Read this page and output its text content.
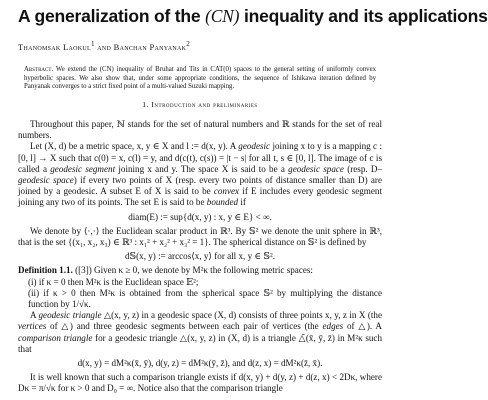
A generalization of the (CN) inequality and its applications
Thanomsak Laokul$^1$ and Banchan Panyanak$^2$
Abstract. We extend the (CN) inequality of Bruhat and Tits in CAT(0) spaces to the general setting of uniformly convex hyperbolic spaces. We also show that, under some appropriate conditions, the sequence of Ishikawa iteration defined by Panyanak converges to a strict fixed point of a multi-valued Suzuki mapping.
1. Introduction and preliminaries

Throughout this paper, ℕ stands for the set of natural numbers and ℝ stands for the set of real numbers.

Let (X, d) be a metric space, x, y ∈ X and l := d(x, y). A geodesic joining x to y is a mapping c : [0, l] → X such that c(0) = x, c(l) = y, and d(c(t), c(s)) = |t − s| for all t, s ∈ [0, l]. The image of c is called a geodesic segment joining x and y. The space X is said to be a geodesic space (resp. D–geodesic space) if every two points of X (resp. every two points of distance smaller than D) are joined by a geodesic. A subset E of X is said to be convex if E includes every geodesic segment joining any two of its points. The set E is said to be bounded if

diam(E) := sup{d(x, y) : x, y ∈ E} < ∞.

We denote by ⟨·,·⟩ the Euclidean scalar product in ℝ³. By 𝕊² we denote the unit sphere in ℝ³, that is the set {(x₁, x₂, x₃) ∈ ℝ³ : x₁² + x₂² + x₃² = 1}. The spherical distance on 𝕊² is defined by

d𝕊(x, y) := arccos⟨x, y⟩ for all x, y ∈ 𝕊².

Definition 1.1. ([3]) Given κ ≥ 0, we denote by M²κ the following metric spaces:

(i) if κ = 0 then M²κ is the Euclidean space 𝔼²;

(ii) if κ > 0 then M²κ is obtained from the spherical space 𝕊² by multiplying the distance function by 1/√κ.

A geodesic triangle △(x, y, z) in a geodesic space (X, d) consists of three points x, y, z in X (the vertices of △) and three geodesic segments between each pair of vertices (the edges of △). A comparison triangle for a geodesic triangle △(x, y, z) in (X, d) is a triangle △̄(x̄, ȳ, z̄) in M²κ such that

d(x, y) = dM²κ(x̄, ȳ), d(y, z) = dM²κ(ȳ, z̄), and d(z, x) = dM²κ(z̄, x̄).

It is well known that such a comparison triangle exists if d(x, y) + d(y, z) + d(z, x) < 2Dκ, where Dκ = π/√κ for κ > 0 and D₀ = ∞. Notice also that the comparison triangle
